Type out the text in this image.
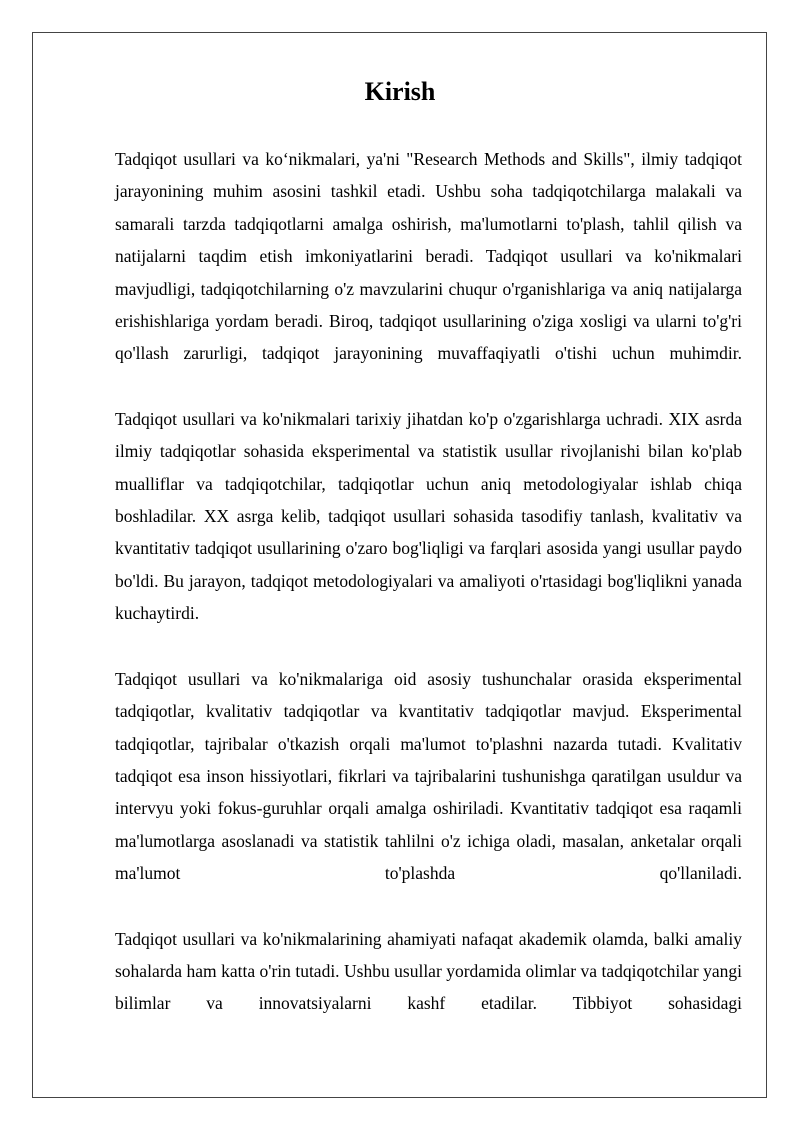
Kirish

Tadqiqot usullari va ko‘nikmalari, ya'ni "Research Methods and Skills", ilmiy tadqiqot jarayonining muhim asosini tashkil etadi. Ushbu soha tadqiqotchilarga malakali va samarali tarzda tadqiqotlarni amalga oshirish, ma'lumotlarni to'plash, tahlil qilish va natijalarni taqdim etish imkoniyatlarini beradi. Tadqiqot usullari va ko'nikmalari mavjudligi, tadqiqotchilarning o'z mavzularini chuqur o'rganishlariga va aniq natijalarga erishishlariga yordam beradi. Biroq, tadqiqot usullarining o'ziga xosligi va ularni to'g'ri qo'llash zarurligi, tadqiqot jarayonining muvaffaqiyatli o'tishi uchun muhimdir.

Tadqiqot usullari va ko'nikmalari tarixiy jihatdan ko'p o'zgarishlarga uchradi. XIX asrda ilmiy tadqiqotlar sohasida eksperimental va statistik usullar rivojlanishi bilan ko'plab mualliflar va tadqiqotchilar, tadqiqotlar uchun aniq metodologiyalar ishlab chiqa boshladilar. XX asrga kelib, tadqiqot usullari sohasida tasodifiy tanlash, kvalitativ va kvantitativ tadqiqot usullarining o'zaro bog'liqligi va farqlari asosida yangi usullar paydo bo'ldi. Bu jarayon, tadqiqot metodologiyalari va amaliyoti o'rtasidagi bog'liqlikni yanada kuchaytirdi.

Tadqiqot usullari va ko'nikmalariga oid asosiy tushunchalar orasida eksperimental tadqiqotlar, kvalitativ tadqiqotlar va kvantitativ tadqiqotlar mavjud. Eksperimental tadqiqotlar, tajribalar o'tkazish orqali ma'lumot to'plashni nazarda tutadi. Kvalitativ tadqiqot esa inson hissiyotlari, fikrlari va tajribalarini tushunishga qaratilgan usuldur va intervyu yoki fokus-guruhlar orqali amalga oshiriladi. Kvantitativ tadqiqot esa raqamli ma'lumotlarga asoslanadi va statistik tahlilni o'z ichiga oladi, masalan, anketalar orqali ma'lumot to'plashda qo'llaniladi.

Tadqiqot usullari va ko'nikmalarining ahamiyati nafaqat akademik olamda, balki amaliy sohalarda ham katta o'rin tutadi. Ushbu usullar yordamida olimlar va tadqiqotchilar yangi bilimlar va innovatsiyalarni kashf etadilar. Tibbiyot sohasidagi
